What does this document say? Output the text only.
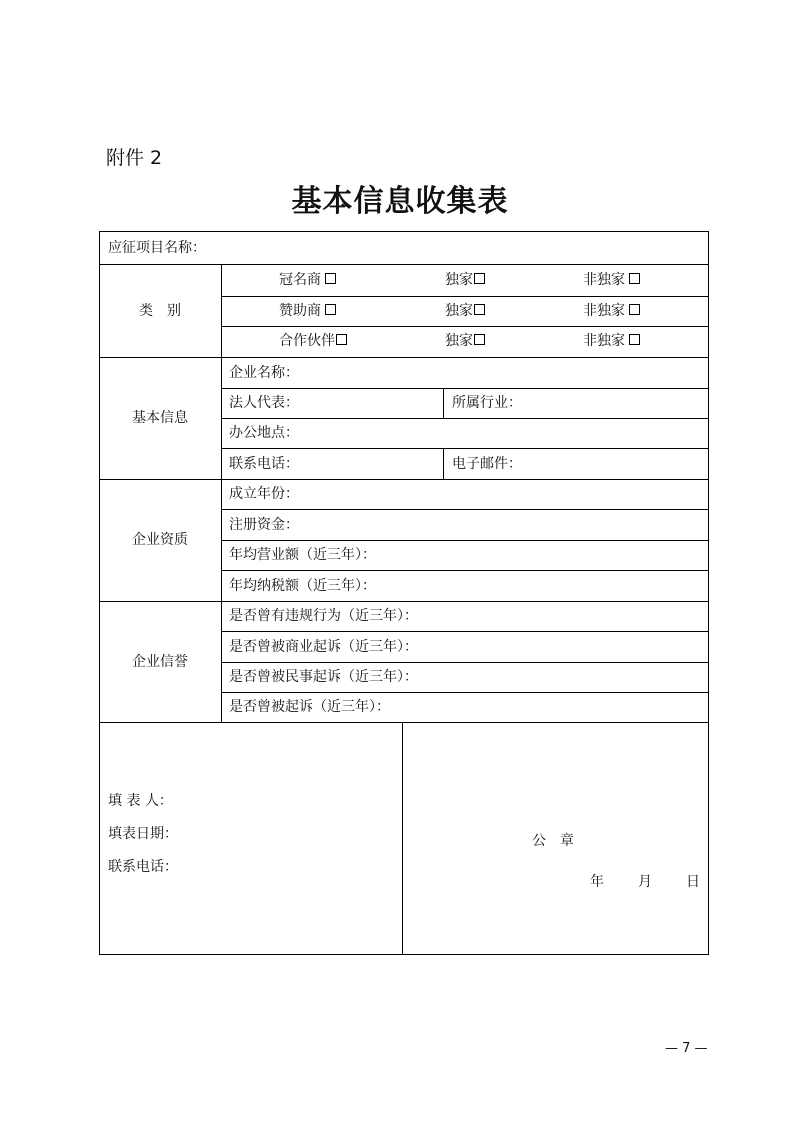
附件 2
基本信息收集表
应征项目名称：
类　别
冠名商	独家	非独家
赞助商	独家	非独家
合作伙伴	独家	非独家
基本信息
企业名称：
法人代表：	所属行业：
办公地点：
联系电话：	电子邮件：
企业资质
成立年份：
注册资金：
年均营业额（近三年）：
年均纳税额（近三年）：
企业信誉
是否曾有违规行为（近三年）：
是否曾被商业起诉（近三年）：
是否曾被民事起诉（近三年）：
是否曾被起诉（近三年）：
填 表 人：
填表日期：
联系电话：
公　章
年 月 日
— 7 —
